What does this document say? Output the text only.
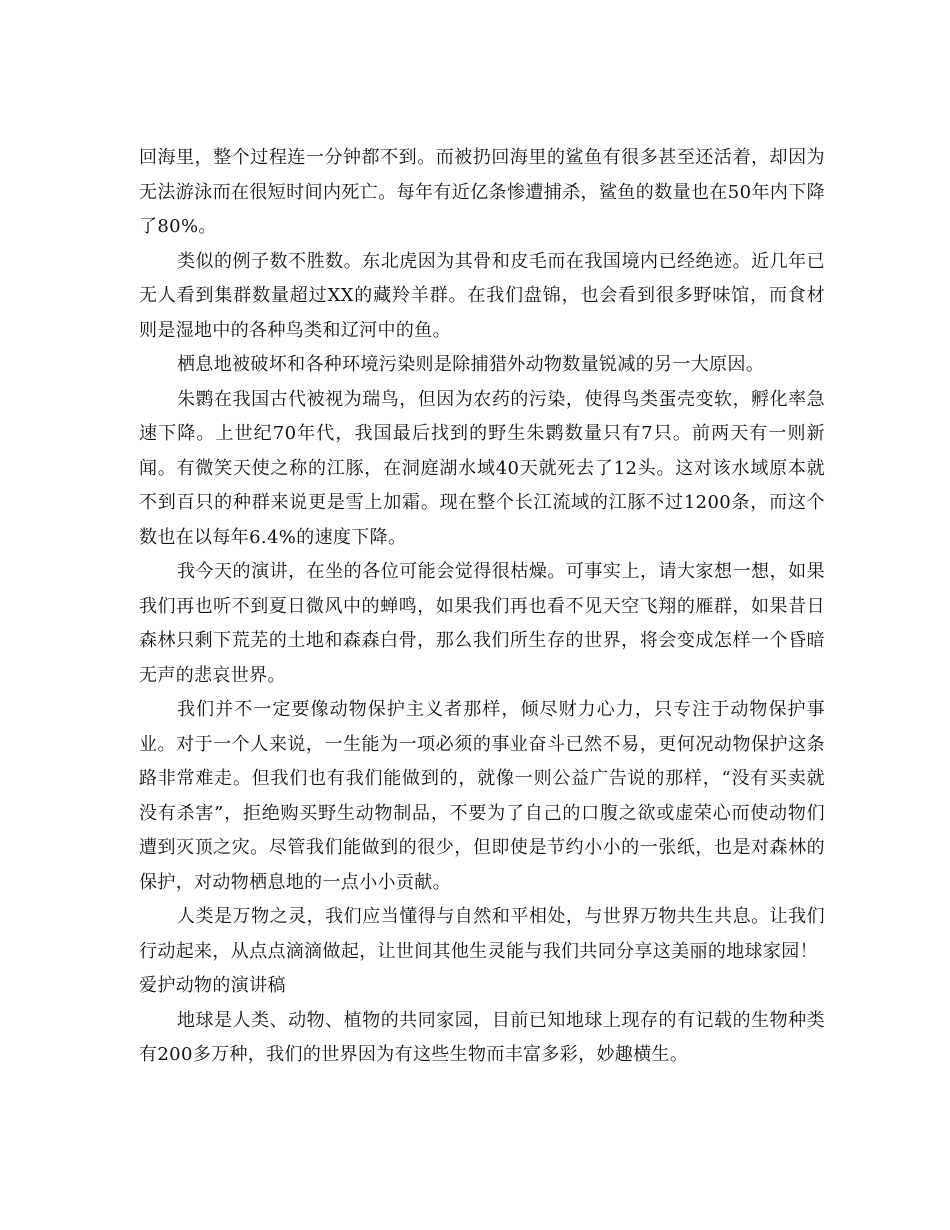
回海里，整个过程连一分钟都不到。而被扔回海里的鲨鱼有很多甚至还活着，却因为无法游泳而在很短时间内死亡。每年有近亿条惨遭捕杀，鲨鱼的数量也在50年内下降了80%。

类似的例子数不胜数。东北虎因为其骨和皮毛而在我国境内已经绝迹。近几年已无人看到集群数量超过XX的藏羚羊群。在我们盘锦，也会看到很多野味馆，而食材则是湿地中的各种鸟类和辽河中的鱼。

栖息地被破坏和各种环境污染则是除捕猎外动物数量锐减的另一大原因。

朱鹮在我国古代被视为瑞鸟，但因为农药的污染，使得鸟类蛋壳变软，孵化率急速下降。上世纪70年代，我国最后找到的野生朱鹮数量只有7只。前两天有一则新闻。有微笑天使之称的江豚，在洞庭湖水域40天就死去了12头。这对该水域原本就不到百只的种群来说更是雪上加霜。现在整个长江流域的江豚不过1200条，而这个数也在以每年6.4%的速度下降。

我今天的演讲，在坐的各位可能会觉得很枯燥。可事实上，请大家想一想，如果我们再也听不到夏日微风中的蝉鸣，如果我们再也看不见天空飞翔的雁群，如果昔日森林只剩下荒芜的土地和森森白骨，那么我们所生存的世界，将会变成怎样一个昏暗无声的悲哀世界。

我们并不一定要像动物保护主义者那样，倾尽财力心力，只专注于动物保护事业。对于一个人来说，一生能为一项必须的事业奋斗已然不易，更何况动物保护这条路非常难走。但我们也有我们能做到的，就像一则公益广告说的那样，“没有买卖就没有杀害”，拒绝购买野生动物制品，不要为了自己的口腹之欲或虚荣心而使动物们遭到灭顶之灾。尽管我们能做到的很少，但即使是节约小小的一张纸，也是对森林的保护，对动物栖息地的一点小小贡献。

人类是万物之灵，我们应当懂得与自然和平相处，与世界万物共生共息。让我们行动起来，从点点滴滴做起，让世间其他生灵能与我们共同分享这美丽的地球家园！

爱护动物的演讲稿

地球是人类、动物、植物的共同家园，目前已知地球上现存的有记载的生物种类有200多万种，我们的世界因为有这些生物而丰富多彩，妙趣横生。
